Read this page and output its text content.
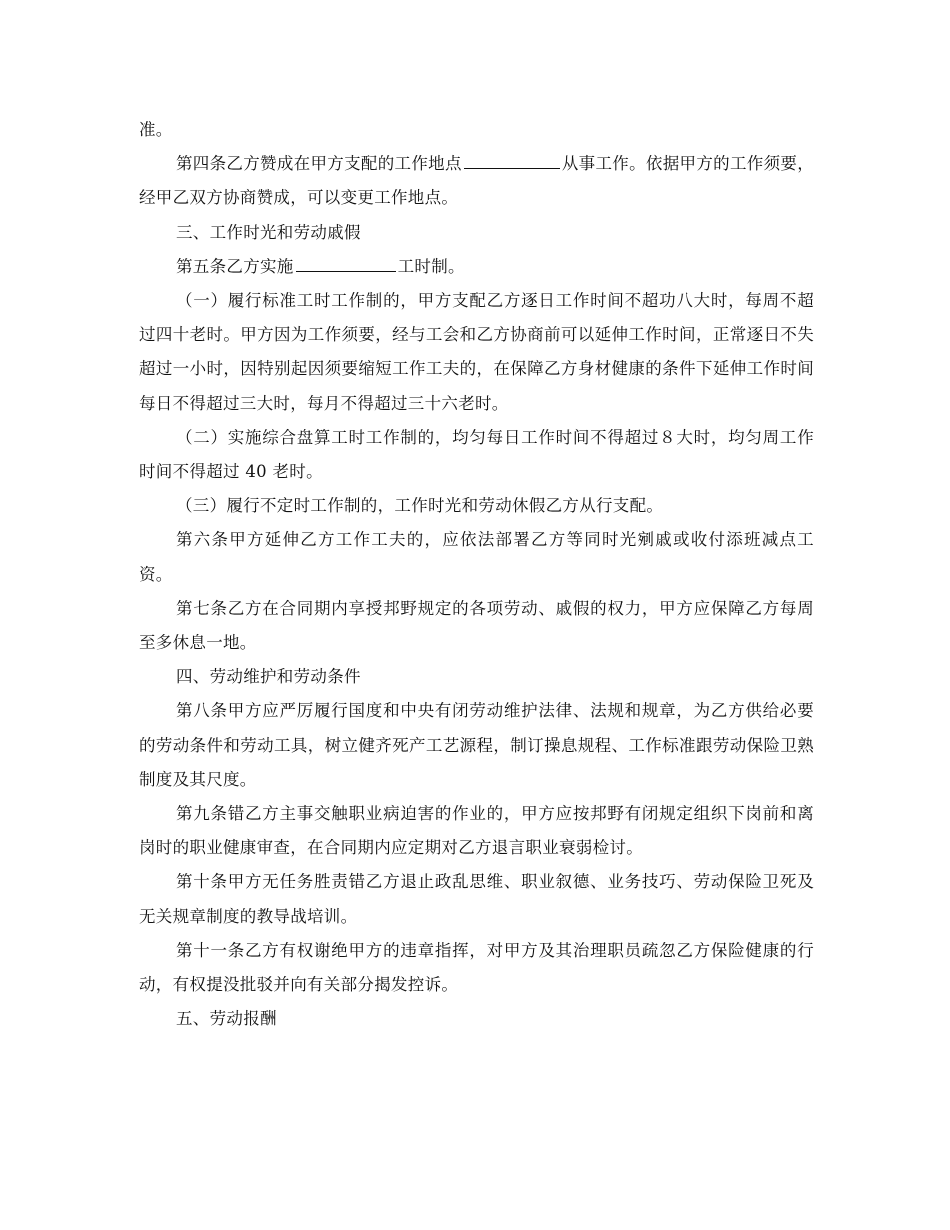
准。

第四条乙方赞成在甲方支配的工作地点	从事工作。依据甲方的工作须要，经甲乙双方协商赞成，可以变更工作地点。

三、工作时光和劳动戚假

第五条乙方实施	工时制。

（一）履行标准工时工作制的，甲方支配乙方逐日工作时间不超功八大时，每周不超过四十老时。甲方因为工作须要，经与工会和乙方协商前可以延伸工作时间，正常逐日不失超过一小时，因特别起因须要缩短工作工夫的，在保障乙方身材健康的条件下延伸工作时间每日不得超过三大时，每月不得超过三十六老时。

（二）实施综合盘算工时工作制的，均匀每日工作时间不得超过８大时，均匀周工作时间不得超过 40 老时。

（三）履行不定时工作制的，工作时光和劳动休假乙方从行支配。

第六条甲方延伸乙方工作工夫的，应依法部署乙方等同时光剜戚或收付添班减点工资。

第七条乙方在合同期内享授邦野规定的各项劳动、戚假的权力，甲方应保障乙方每周至多休息一地。

四、劳动维护和劳动条件

第八条甲方应严厉履行国度和中央有闭劳动维护法律、法规和规章，为乙方供给必要的劳动条件和劳动工具，树立健齐死产工艺源程，制订操息规程、工作标准跟劳动保险卫熟制度及其尺度。

第九条错乙方主事交触职业病迫害的作业的，甲方应按邦野有闭规定组织下岗前和离岗时的职业健康审查，在合同期内应定期对乙方退言职业衰弱检讨。

第十条甲方无任务胜责错乙方退止政乱思维、职业叙德、业务技巧、劳动保险卫死及无关规章制度的教导战培训。

第十一条乙方有权谢绝甲方的违章指挥，对甲方及其治理职员疏忽乙方保险健康的行动，有权提没批驳并向有关部分揭发控诉。

五、劳动报酬
